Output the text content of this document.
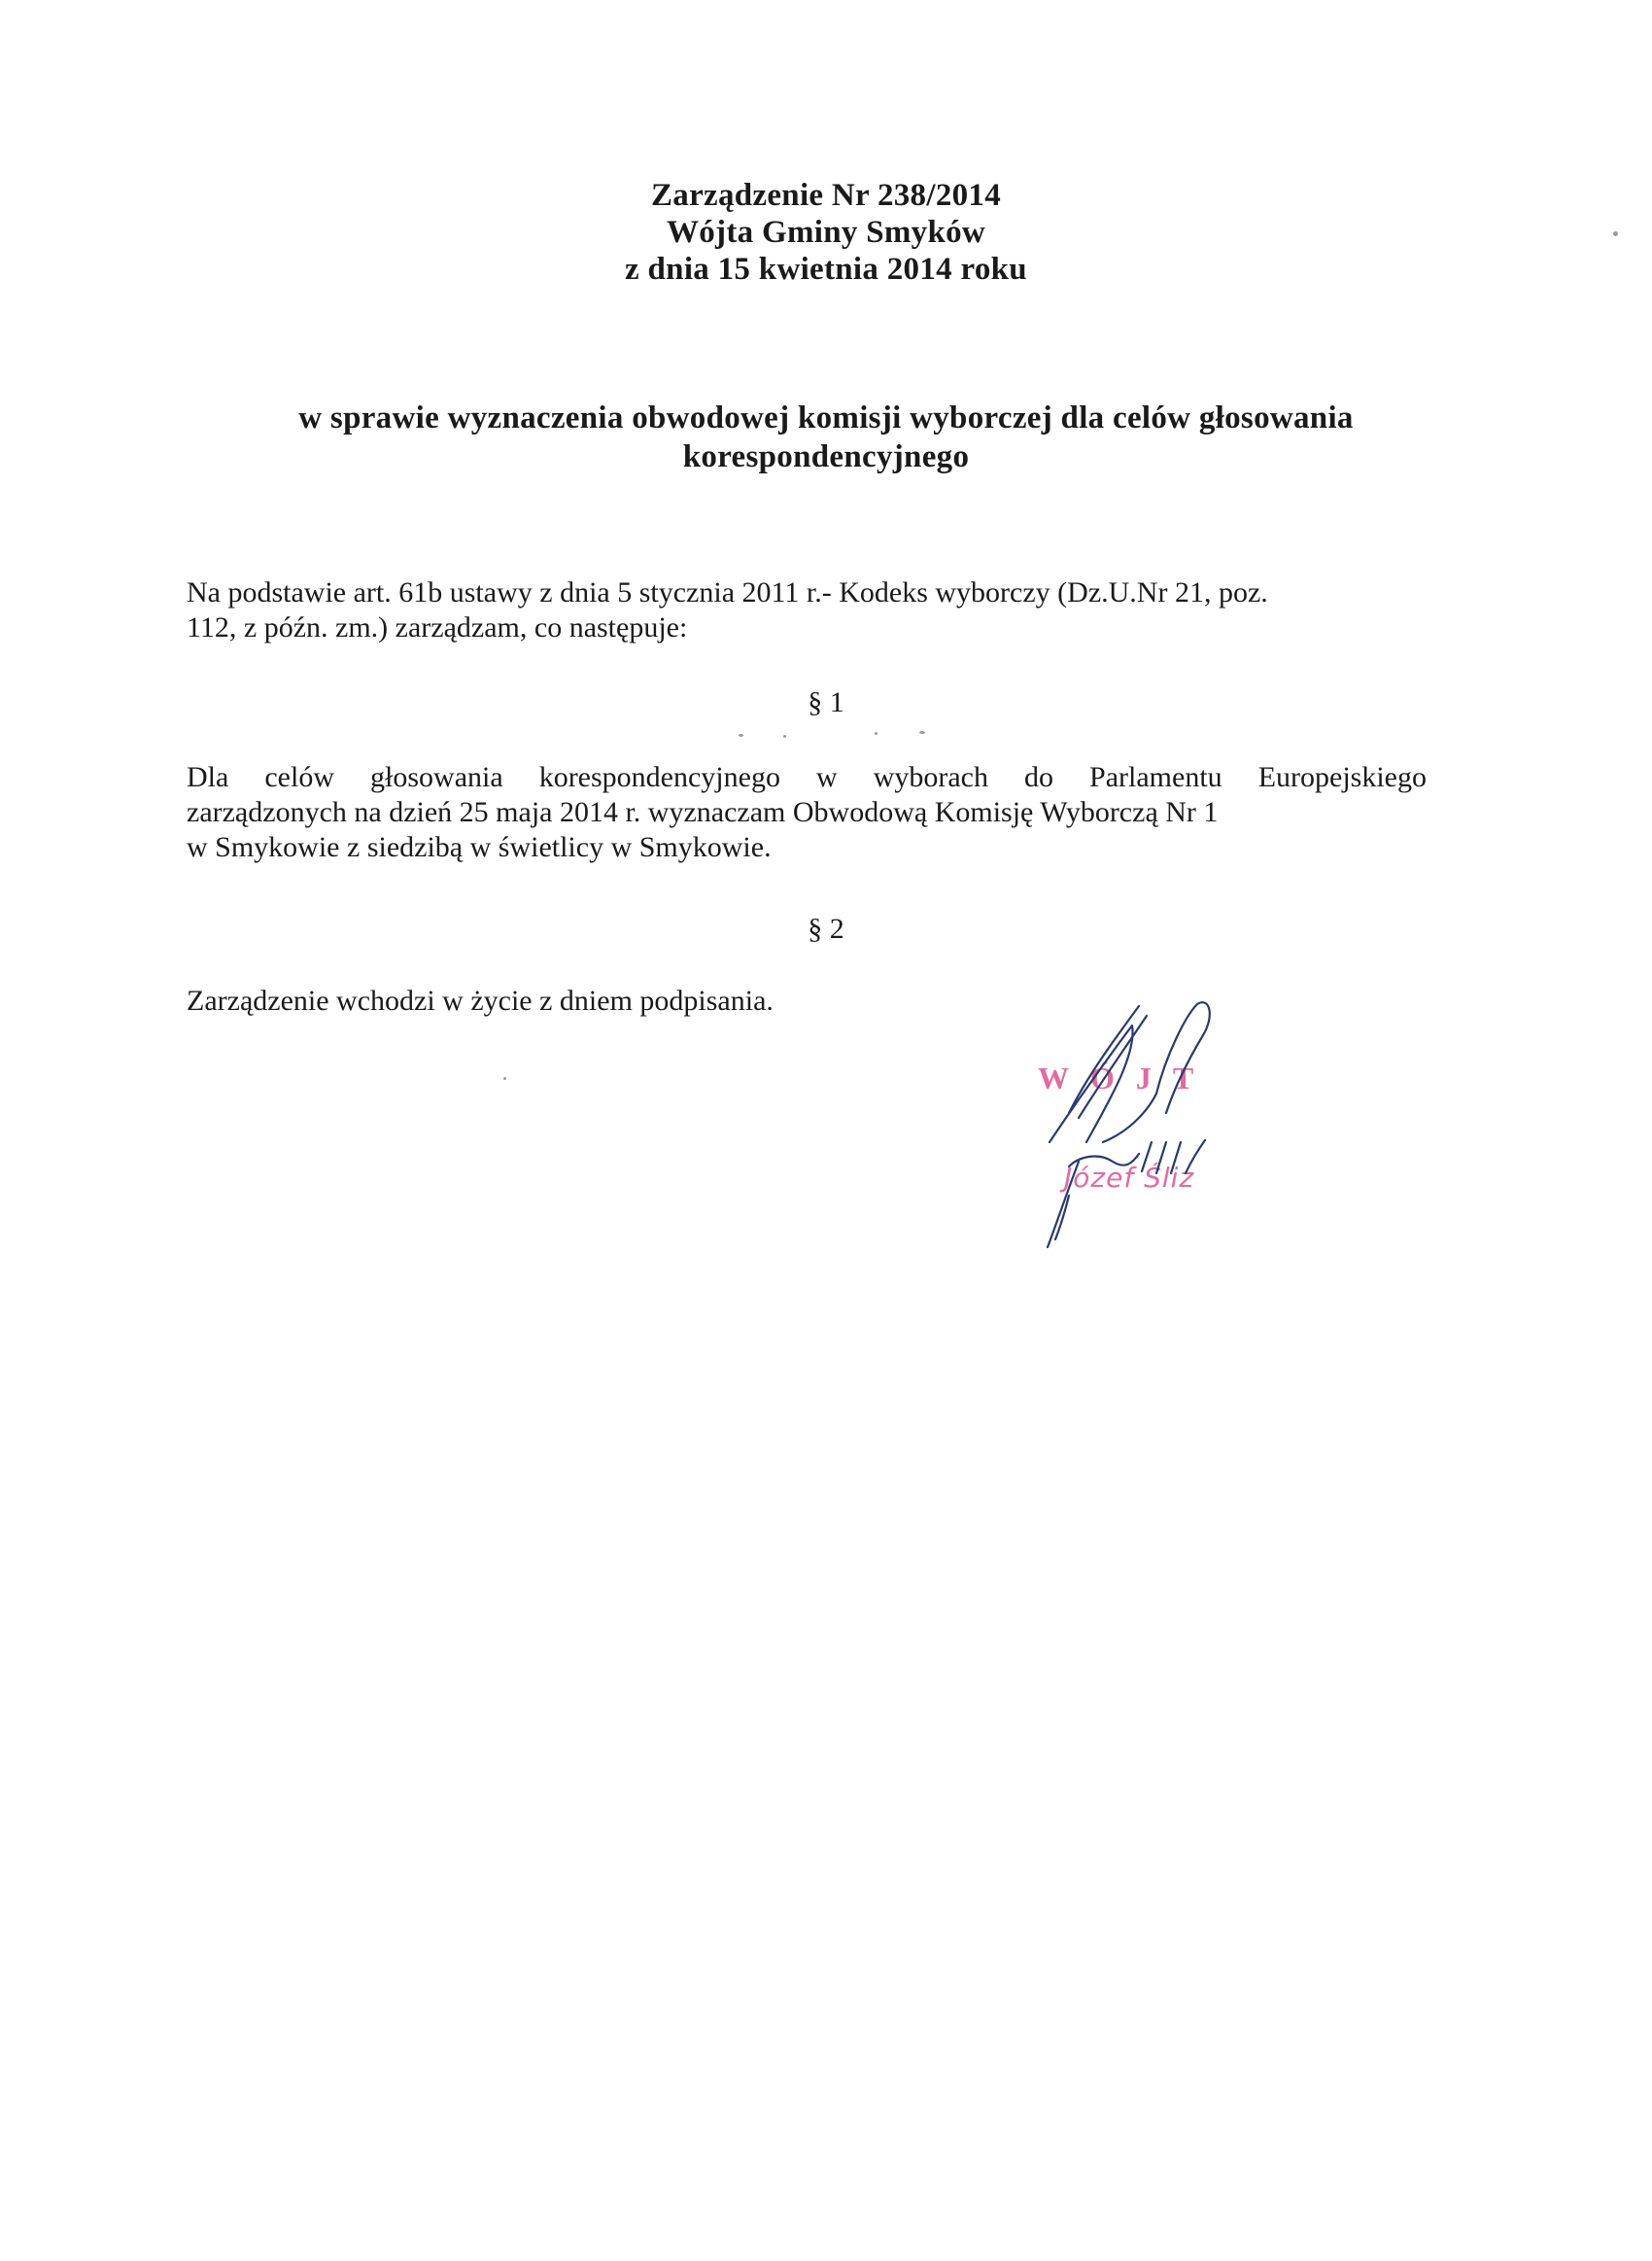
Zarządzenie Nr 238/2014
Wójta Gminy Smyków
z dnia 15 kwietnia 2014 roku
w sprawie wyznaczenia obwodowej komisji wyborczej dla celów głosowania
korespondencyjnego
Na podstawie art. 61b ustawy z dnia 5 stycznia 2011 r.- Kodeks wyborczy (Dz.U.Nr 21, poz.
112, z późn. zm.) zarządzam, co następuje:
§ 1
Dla celów głosowania korespondencyjnego w wyborach do Parlamentu Europejskiego
zarządzonych na dzień 25 maja 2014 r. wyznaczam Obwodową Komisję Wyborczą Nr 1
w Smykowie z siedzibą w świetlicy w Smykowie.
§ 2
Zarządzenie wchodzi w życie z dniem podpisania.
WÓJT
Józef Śliz
